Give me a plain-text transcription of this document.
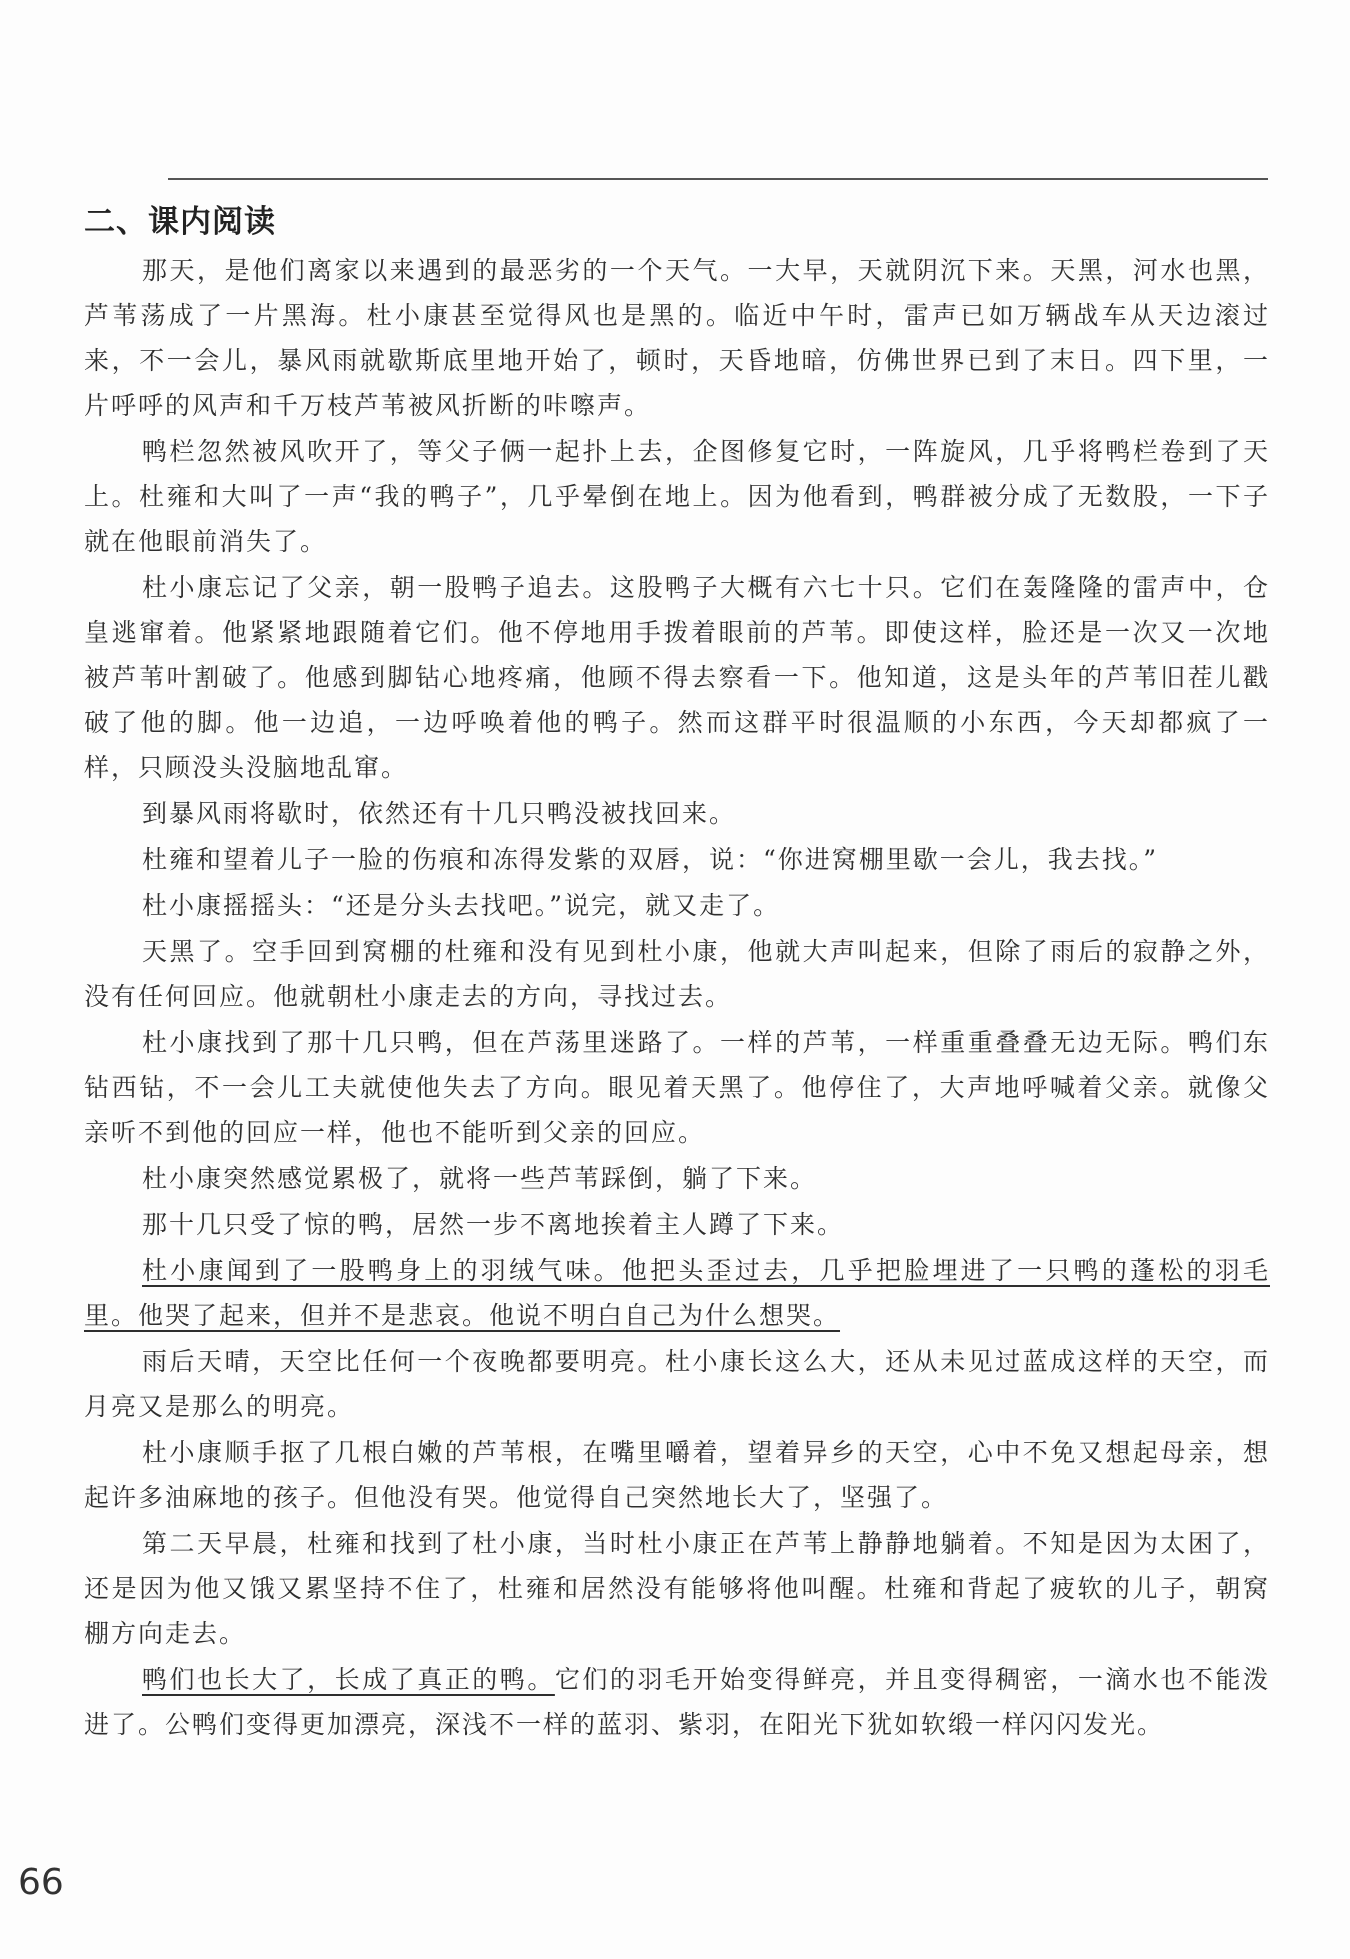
二、课内阅读

那天，是他们离家以来遇到的最恶劣的一个天气。一大早，天就阴沉下来。天黑，河水也黑，芦苇荡成了一片黑海。杜小康甚至觉得风也是黑的。临近中午时，雷声已如万辆战车从天边滚过来，不一会儿，暴风雨就歇斯底里地开始了，顿时，天昏地暗，仿佛世界已到了末日。四下里，一片呼呼的风声和千万枝芦苇被风折断的咔嚓声。

鸭栏忽然被风吹开了，等父子俩一起扑上去，企图修复它时，一阵旋风，几乎将鸭栏卷到了天上。杜雍和大叫了一声“我的鸭子”，几乎晕倒在地上。因为他看到，鸭群被分成了无数股，一下子就在他眼前消失了。

杜小康忘记了父亲，朝一股鸭子追去。这股鸭子大概有六七十只。它们在轰隆隆的雷声中，仓皇逃窜着。他紧紧地跟随着它们。他不停地用手拨着眼前的芦苇。即使这样，脸还是一次又一次地被芦苇叶割破了。他感到脚钻心地疼痛，他顾不得去察看一下。他知道，这是头年的芦苇旧茬儿戳破了他的脚。他一边追，一边呼唤着他的鸭子。然而这群平时很温顺的小东西，今天却都疯了一样，只顾没头没脑地乱窜。

到暴风雨将歇时，依然还有十几只鸭没被找回来。

杜雍和望着儿子一脸的伤痕和冻得发紫的双唇，说：“你进窝棚里歇一会儿，我去找。”

杜小康摇摇头：“还是分头去找吧。”说完，就又走了。

天黑了。空手回到窝棚的杜雍和没有见到杜小康，他就大声叫起来，但除了雨后的寂静之外，没有任何回应。他就朝杜小康走去的方向，寻找过去。

杜小康找到了那十几只鸭，但在芦荡里迷路了。一样的芦苇，一样重重叠叠无边无际。鸭们东钻西钻，不一会儿工夫就使他失去了方向。眼见着天黑了。他停住了，大声地呼喊着父亲。就像父亲听不到他的回应一样，他也不能听到父亲的回应。

杜小康突然感觉累极了，就将一些芦苇踩倒，躺了下来。

那十几只受了惊的鸭，居然一步不离地挨着主人蹲了下来。

杜小康闻到了一股鸭身上的羽绒气味。他把头歪过去，几乎把脸埋进了一只鸭的蓬松的羽毛里。他哭了起来，但并不是悲哀。他说不明白自己为什么想哭。

雨后天晴，天空比任何一个夜晚都要明亮。杜小康长这么大，还从未见过蓝成这样的天空，而月亮又是那么的明亮。

杜小康顺手抠了几根白嫩的芦苇根，在嘴里嚼着，望着异乡的天空，心中不免又想起母亲，想起许多油麻地的孩子。但他没有哭。他觉得自己突然地长大了，坚强了。

第二天早晨，杜雍和找到了杜小康，当时杜小康正在芦苇上静静地躺着。不知是因为太困了，还是因为他又饿又累坚持不住了，杜雍和居然没有能够将他叫醒。杜雍和背起了疲软的儿子，朝窝棚方向走去。

鸭们也长大了，长成了真正的鸭。它们的羽毛开始变得鲜亮，并且变得稠密，一滴水也不能泼进了。公鸭们变得更加漂亮，深浅不一样的蓝羽、紫羽，在阳光下犹如软缎一样闪闪发光。

66
